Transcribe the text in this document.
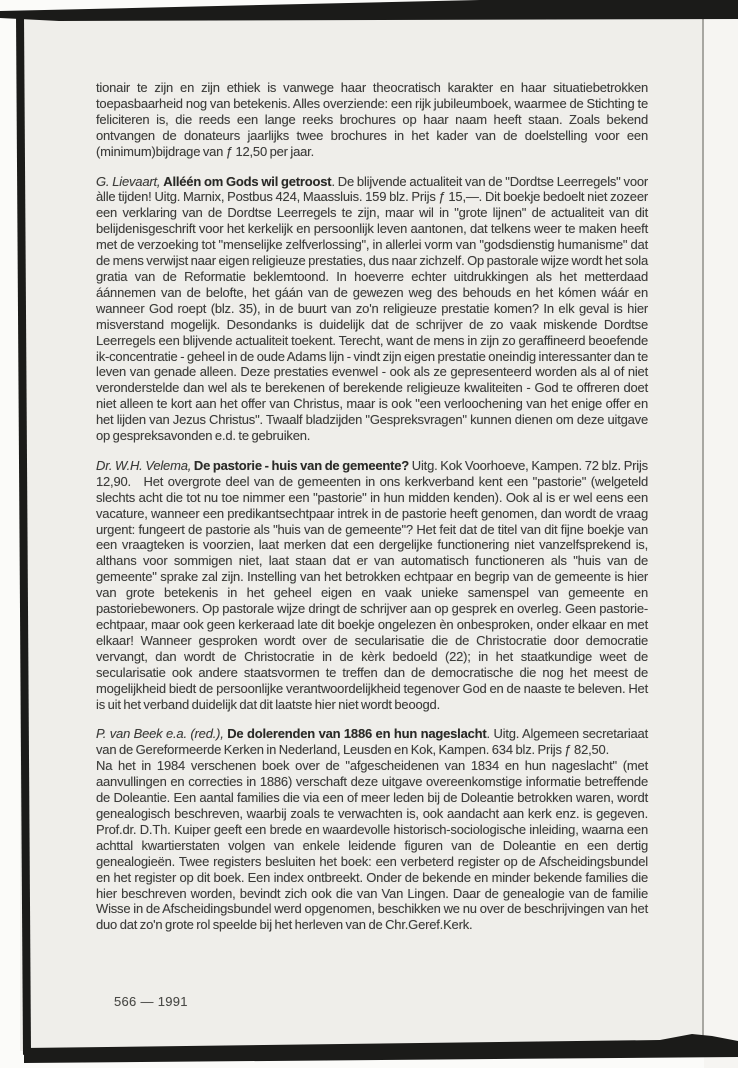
tionair te zijn en zijn ethiek is vanwege haar theocratisch karakter en haar situatiebetrokken toepasbaarheid nog van betekenis. Alles overziende: een rijk jubileumboek, waarmee de Stichting te feliciteren is, die reeds een lange reeks brochures op haar naam heeft staan. Zoals bekend ontvangen de donateurs jaarlijks twee brochures in het kader van de doelstelling voor een (minimum)bijdrage van ƒ 12,50 per jaar.

G. Lievaart, Alléén om Gods wil getroost. De blijvende actualiteit van de "Dordtse Leerregels" voor àlle tijden! Uitg. Marnix, Postbus 424, Maassluis. 159 blz. Prijs ƒ 15,—. Dit boekje bedoelt niet zozeer een verklaring van de Dordtse Leerregels te zijn, maar wil in "grote lijnen" de actualiteit van dit belijdenisgeschrift voor het kerkelijk en persoonlijk leven aantonen, dat telkens weer te maken heeft met de verzoeking tot "menselijke zelfverlossing", in allerlei vorm van "godsdienstig humanisme" dat de mens verwijst naar eigen religieuze prestaties, dus naar zichzelf. Op pastorale wijze wordt het sola gratia van de Reformatie beklemtoond. In hoeverre echter uitdrukkingen als het metterdaad áánnemen van de belofte, het gáán van de gewezen weg des behouds en het kómen wáár en wanneer God roept (blz. 35), in de buurt van zo'n religieuze prestatie komen? In elk geval is hier misverstand mogelijk. Desondanks is duidelijk dat de schrijver de zo vaak miskende Dordtse Leerregels een blijvende actualiteit toekent. Terecht, want de mens in zijn zo geraffineerd beoefende ik-concentratie - geheel in de oude Adams lijn - vindt zijn eigen prestatie oneindig interessanter dan te leven van genade alleen. Deze prestaties evenwel - ook als ze gepresenteerd worden als al of niet veronderstelde dan wel als te berekenen of berekende religieuze kwaliteiten - God te offreren doet niet alleen te kort aan het offer van Christus, maar is ook "een verloochening van het enige offer en het lijden van Jezus Christus". Twaalf bladzijden "Gespreksvragen" kunnen dienen om deze uitgave op gespreksavonden e.d. te gebruiken.

Dr. W.H. Velema, De pastorie - huis van de gemeente? Uitg. Kok Voorhoeve, Kampen. 72 blz. Prijs 12,90.  Het overgrote deel van de gemeenten in ons kerkverband kent een "pastorie" (welgeteld slechts acht die tot nu toe nimmer een "pastorie" in hun midden kenden). Ook al is er wel eens een vacature, wanneer een predikantsechtpaar intrek in de pastorie heeft genomen, dan wordt de vraag urgent: fungeert de pastorie als "huis van de gemeente"? Het feit dat de titel van dit fijne boekje van een vraagteken is voorzien, laat merken dat een dergelijke functionering niet vanzelfsprekend is, althans voor sommigen niet, laat staan dat er van automatisch functioneren als "huis van de gemeente" sprake zal zijn. Instelling van het betrokken echtpaar en begrip van de gemeente is hier van grote betekenis in het geheel eigen en vaak unieke samenspel van gemeente en pastoriebewoners. Op pastorale wijze dringt de schrijver aan op gesprek en overleg. Geen pastorie-echtpaar, maar ook geen kerkeraad late dit boekje ongelezen èn onbesproken, onder elkaar en met elkaar! Wanneer gesproken wordt over de secularisatie die de Christocratie door democratie vervangt, dan wordt de Christocratie in de kèrk bedoeld (22); in het staatkundige weet de secularisatie ook andere staatsvormen te treffen dan de democratische die nog het meest de mogelijkheid biedt de persoonlijke verantwoordelijkheid tegenover God en de naaste te beleven. Het is uit het verband duidelijk dat dit laatste hier niet wordt beoogd.

P. van Beek e.a. (red.), De dolerenden van 1886 en hun nageslacht. Uitg. Algemeen secretariaat van de Gereformeerde Kerken in Nederland, Leusden en Kok, Kampen. 634 blz. Prijs ƒ 82,50.

Na het in 1984 verschenen boek over de "afgescheidenen van 1834 en hun nageslacht" (met aanvullingen en correcties in 1886) verschaft deze uitgave overeenkomstige informatie betreffende de Doleantie. Een aantal families die via een of meer leden bij de Doleantie betrokken waren, wordt genealogisch beschreven, waarbij zoals te verwachten is, ook aandacht aan kerk enz. is gegeven. Prof.dr. D.Th. Kuiper geeft een brede en waardevolle historisch-sociologische inleiding, waarna een achttal kwartierstaten volgen van enkele leidende figuren van de Doleantie en een dertig genealogieën. Twee registers besluiten het boek: een verbeterd register op de Afscheidingsbundel en het register op dit boek. Een index ontbreekt. Onder de bekende en minder bekende families die hier beschreven worden, bevindt zich ook die van Van Lingen. Daar de genealogie van de familie Wisse in de Afscheidingsbundel werd opgenomen, beschikken we nu over de beschrijvingen van het duo dat zo'n grote rol speelde bij het herleven van de Chr.Geref.Kerk.

566 — 1991
